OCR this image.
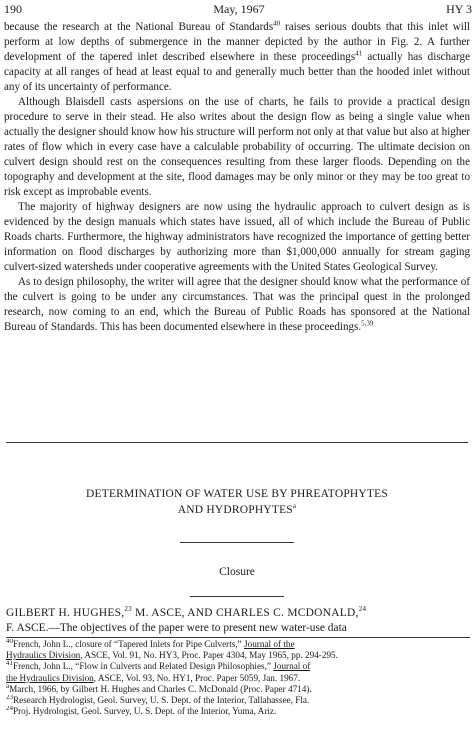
190	May, 1967	HY 3

because the research at the National Bureau of Standards$^{40}$ raises serious doubts that this inlet will perform at low depths of submergence in the manner depicted by the author in Fig. 2. A further development of the tapered inlet described elsewhere in these proceedings$^{41}$ actually has discharge capacity at all ranges of head at least equal to and generally much better than the hooded inlet without any of its uncertainty of performance.

Although Blaisdell casts aspersions on the use of charts, he fails to provide a practical design procedure to serve in their stead. He also writes about the design flow as being a single value when actually the designer should know how his structure will perform not only at that value but also at higher rates of flow which in every case have a calculable probability of occurring. The ultimate decision on culvert design should rest on the consequences resulting from these larger floods. Depending on the topography and development at the site, flood damages may be only minor or they may be too great to risk except as improbable events.

The majority of highway designers are now using the hydraulic approach to culvert design as is evidenced by the design manuals which states have issued, all of which include the Bureau of Public Roads charts. Furthermore, the highway administrators have recognized the importance of getting better information on flood discharges by authorizing more than $1,000,000 annually for stream gaging culvert-sized watersheds under cooperative agreements with the United States Geological Survey.

As to design philosophy, the writer will agree that the designer should know what the performance of the culvert is going to be under any circumstances. That was the principal quest in the prolonged research, now coming to an end, which the Bureau of Public Roads has sponsored at the National Bureau of Standards. This has been documented elsewhere in these proceedings.$^{5,39}$

DETERMINATION OF WATER USE BY PHREATOPHYTES
AND HYDROPHYTES$^a$
Closure
GILBERT H. HUGHES,$^{23}$ M. ASCE, AND CHARLES C. MCDONALD,$^{24}$
F. ASCE.—The objectives of the paper were to present new water-use data
$^{40}$French, John L., closure of “Tapered Inlets for Pipe Culverts,” Journal of the
Hydraulics Division, ASCE, Vol. 91, No. HY3, Proc. Paper 4304, May 1965, pp. 294-295.
$^{41}$French, John L., “Flow in Culverts and Related Design Philosophies,” Journal of
the Hydraulics Division, ASCE, Vol. 93, No. HY1, Proc. Paper 5059, Jan. 1967.
$^a$March, 1966, by Gilbert H. Hughes and Charles C. McDonald (Proc. Paper 4714).
$^{23}$Research Hydrologist, Geol. Survey, U. S. Dept. of the Interior, Tallahassee, Fla.
$^{24}$Proj. Hydrologist, Geol. Survey, U. S. Dept. of the Interior, Yuma, Ariz.
